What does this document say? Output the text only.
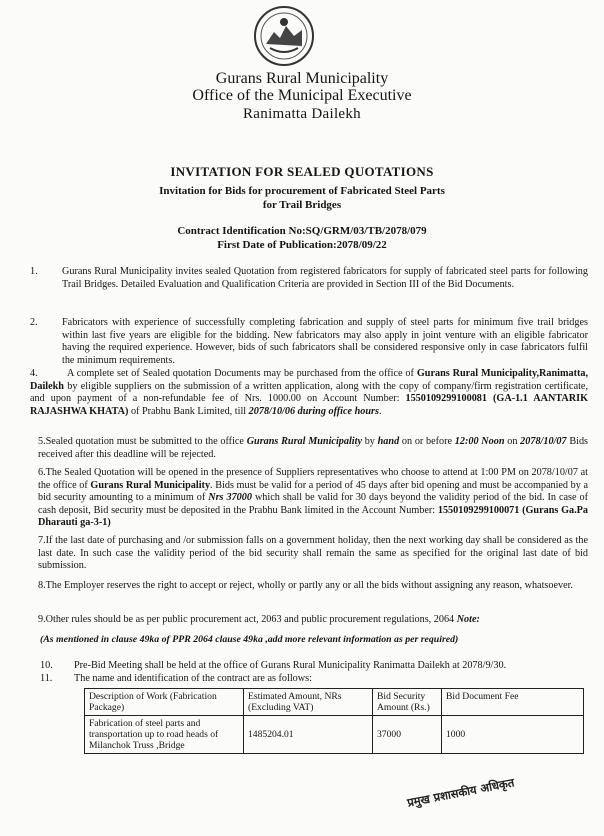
Gurans Rural Municipality
Office of the Municipal Executive
Ranimatta Dailekh
INVITATION FOR SEALED QUOTATIONS
Invitation for Bids for procurement of Fabricated Steel Parts
for Trail Bridges
Contract Identification No:SQ/GRM/03/TB/2078/079
First Date of Publication:2078/09/22
1. Gurans Rural Municipality invites sealed Quotation from registered fabricators for supply of fabricated steel parts for following Trail Bridges. Detailed Evaluation and Qualification Criteria are provided in Section III of the Bid Documents.
2. Fabricators with experience of successfully completing fabrication and supply of steel parts for minimum five trail bridges within last five years are eligible for the bidding. New fabricators may also apply in joint venture with an eligible fabricator having the required experience. However, bids of such fabricators shall be considered responsive only in case fabricators fulfil the minimum requirements.
4.	A complete set of Sealed quotation Documents may be purchased from the office of Gurans Rural Municipality,Ranimatta, Dailekh by eligible suppliers on the submission of a written application, along with the copy of company/firm registration certificate, and upon payment of a non-refundable fee of Nrs. 1000.00 on Account Number: 1550109299100081 (GA-1.1 AANTARIK RAJASHWA KHATA) of Prabhu Bank Limited, till 2078/10/06 during office hours.
5.Sealed quotation must be submitted to the office Gurans Rural Municipality by hand on or before 12:00 Noon on 2078/10/07 Bids received after this deadline will be rejected.
6.The Sealed Quotation will be opened in the presence of Suppliers representatives who choose to attend at 1:00 PM on 2078/10/07 at the office of Gurans Rural Municipality. Bids must be valid for a period of 45 days after bid opening and must be accompanied by a bid security amounting to a minimum of Nrs 37000 which shall be valid for 30 days beyond the validity period of the bid. In case of cash deposit, Bid security must be deposited in the Prabhu Bank limited in the Account Number: 1550109299100071 (Gurans Ga.Pa Dharauti ga-3-1)
7.If the last date of purchasing and /or submission falls on a government holiday, then the next working day shall be considered as the last date. In such case the validity period of the bid security shall remain the same as specified for the original last date of bid submission.
8.The Employer reserves the right to accept or reject, wholly or partly any or all the bids without assigning any reason, whatsoever.
9.Other rules should be as per public procurement act, 2063 and public procurement regulations, 2064 Note:
(As mentioned in clause 49ka of PPR 2064 clause 49ka ,add more relevant information as per required)
10. Pre-Bid Meeting shall be held at the office of Gurans Rural Municipality Ranimatta Dailekh at 2078/9/30.
11. The name and identification of the contract are as follows:
Description of Work (Fabrication Package)	Estimated Amount, NRs (Excluding VAT)	Bid Security Amount (Rs.)	Bid Document Fee
Fabrication of steel parts and transportation up to road heads of Milanchok Truss ,Bridge	1485204.01	37000	1000
प्रमुख प्रशासकीय अधिकृत
